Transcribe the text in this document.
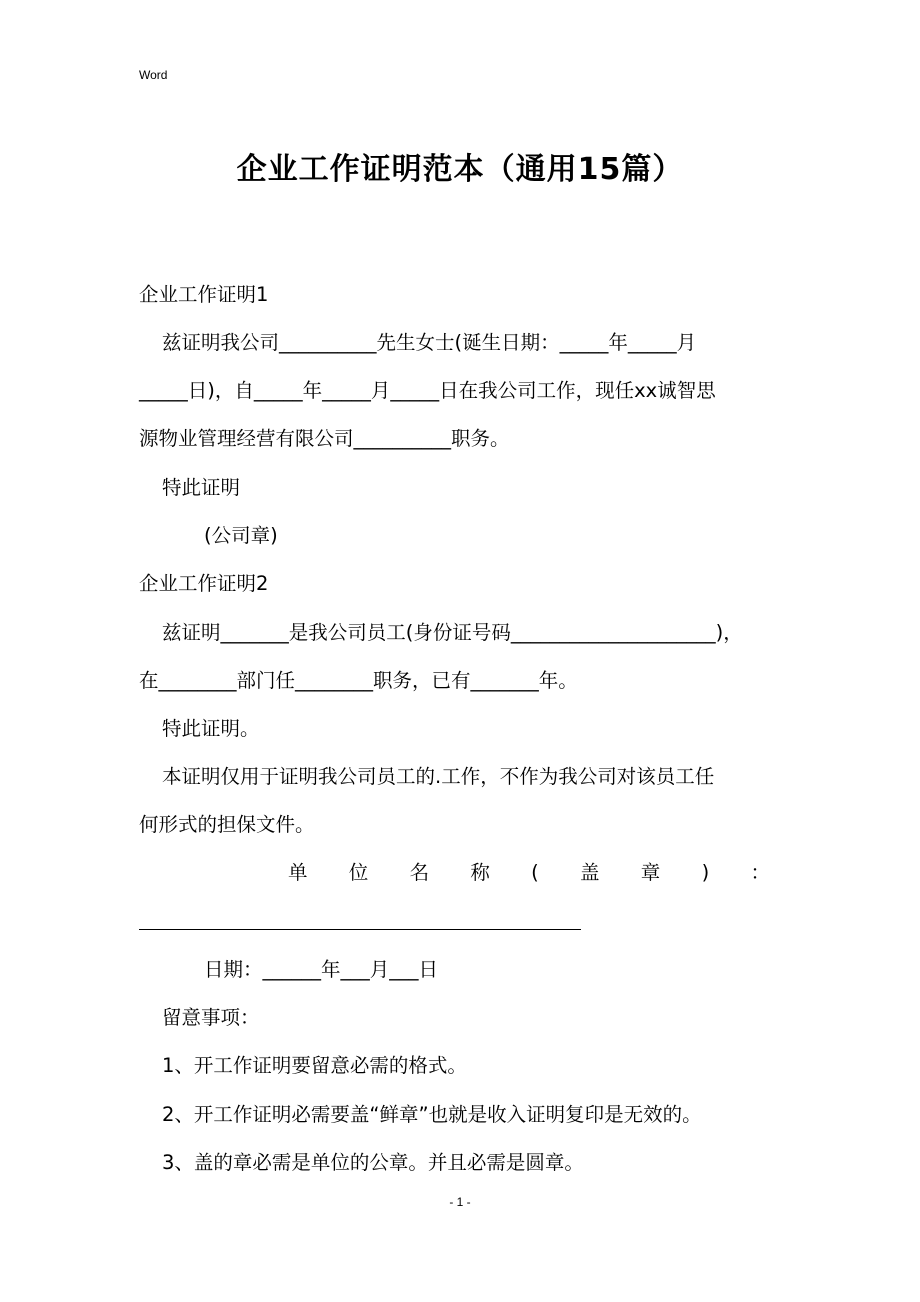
Word
企业工作证明范本（通用15篇）
企业工作证明1
兹证明我公司__________先生女士(诞生日期：_____年_____月
_____日)，自_____年_____月_____日在我公司工作，现任xx诚智思
源物业管理经营有限公司__________职务。
特此证明
(公司章)
企业工作证明2
兹证明_______是我公司员工(身份证号码_____________________)，
在________部门任________职务，已有_______年。
特此证明。
本证明仅用于证明我公司员工的.工作，不作为我公司对该员工任
何形式的担保文件。
单 位 名 称 ( 盖 章 ) ：
日期：______年___月___日
留意事项：
1、开工作证明要留意必需的格式。
2、开工作证明必需要盖“鲜章”也就是收入证明复印是无效的。
3、盖的章必需是单位的公章。并且必需是圆章。
- 1 -
